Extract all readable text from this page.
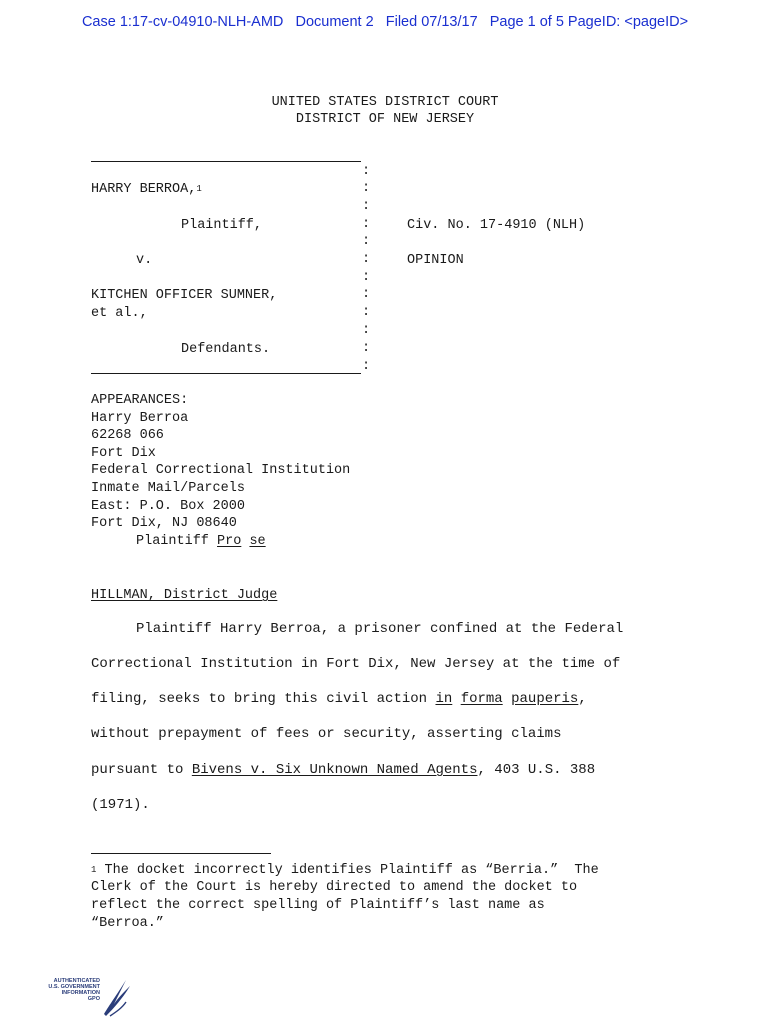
Case 1:17-cv-04910-NLH-AMD   Document 2   Filed 07/13/17   Page 1 of 5 PageID: <pageID>
UNITED STATES DISTRICT COURT
DISTRICT OF NEW JERSEY
:
:
:
:
:
:
:
:
:
:
:
:
HARRY BERROA,1
Plaintiff,
v.
KITCHEN OFFICER SUMNER,
et al.,
Defendants.
Civ. No. 17-4910 (NLH)
OPINION
APPEARANCES:
Harry Berroa
62268 066
Fort Dix
Federal Correctional Institution
Inmate Mail/Parcels
East: P.O. Box 2000
Fort Dix, NJ 08640
Plaintiff Pro se
HILLMAN, District Judge
Plaintiff Harry Berroa, a prisoner confined at the Federal
Correctional Institution in Fort Dix, New Jersey at the time of
filing, seeks to bring this civil action in forma pauperis,
without prepayment of fees or security, asserting claims
pursuant to Bivens v. Six Unknown Named Agents, 403 U.S. 388
(1971).
1 The docket incorrectly identifies Plaintiff as “Berria.”  The
Clerk of the Court is hereby directed to amend the docket to
reflect the correct spelling of Plaintiff’s last name as
“Berroa.”
AUTHENTICATED
U.S. GOVERNMENT
INFORMATION
GPO
